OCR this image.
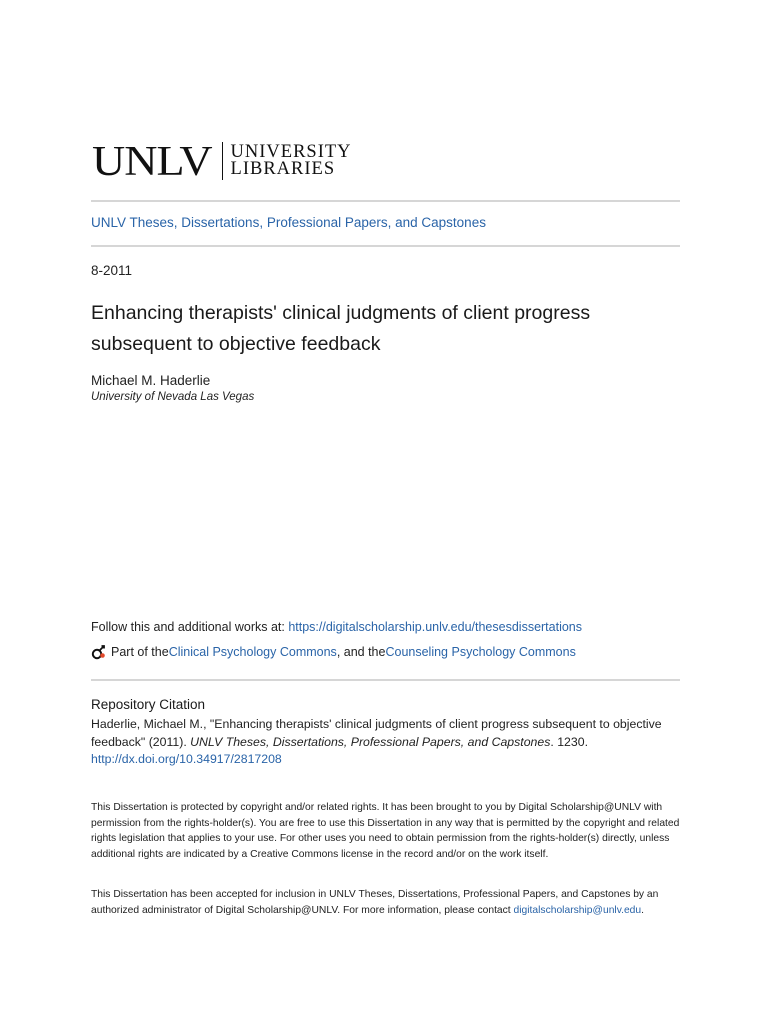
UNLV UNIVERSITY
LIBRARIES
UNLV Theses, Dissertations, Professional Papers, and Capstones
8-2011
Enhancing therapists' clinical judgments of client progress subsequent to objective feedback
Michael M. Haderlie
University of Nevada Las Vegas
Follow this and additional works at: https://digitalscholarship.unlv.edu/thesesdissertations
Part of the Clinical Psychology Commons , and the Counseling Psychology Commons
Repository Citation
Haderlie, Michael M., "Enhancing therapists' clinical judgments of client progress subsequent to objective feedback" (2011). UNLV Theses, Dissertations, Professional Papers, and Capstones. 1230.
http://dx.doi.org/10.34917/2817208
This Dissertation is protected by copyright and/or related rights. It has been brought to you by Digital Scholarship@UNLV with permission from the rights-holder(s). You are free to use this Dissertation in any way that is permitted by the copyright and related rights legislation that applies to your use. For other uses you need to obtain permission from the rights-holder(s) directly, unless additional rights are indicated by a Creative Commons license in the record and/or on the work itself.
This Dissertation has been accepted for inclusion in UNLV Theses, Dissertations, Professional Papers, and Capstones by an authorized administrator of Digital Scholarship@UNLV. For more information, please contact digitalscholarship@unlv.edu.
